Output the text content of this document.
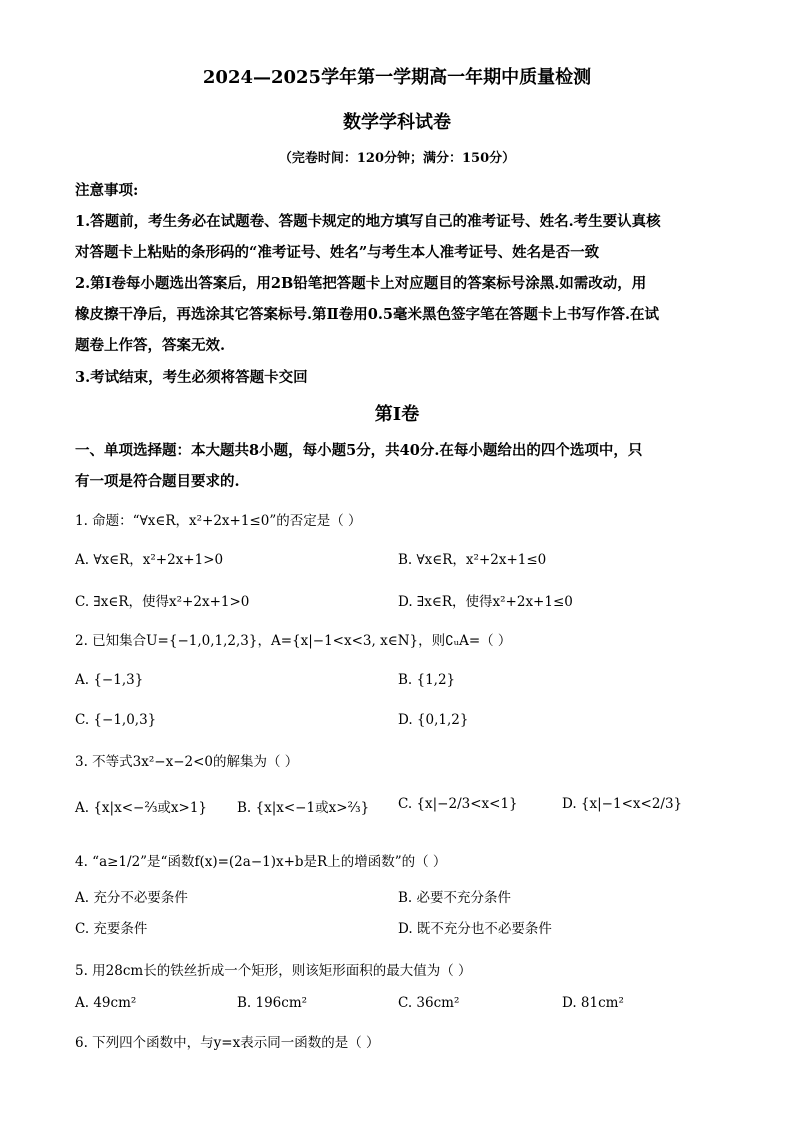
2024—2025学年第一学期高一年期中质量检测
数学学科试卷
（完卷时间：120分钟；满分：150分）
注意事项:
1.答题前，考生务必在试题卷、答题卡规定的地方填写自己的准考证号、姓名.考生要认真核
对答题卡上粘贴的条形码的“准考证号、姓名”与考生本人准考证号、姓名是否一致
2.第Ⅰ卷每小题选出答案后，用2B铅笔把答题卡上对应题目的答案标号涂黑.如需改动，用
橡皮擦干净后，再选涂其它答案标号.第Ⅱ卷用0.5毫米黑色签字笔在答题卡上书写作答.在试
题卷上作答，答案无效.
3.考试结束，考生必须将答题卡交回
第Ⅰ卷
一、单项选择题：本大题共8小题，每小题5分，共40分.在每小题给出的四个选项中，只
有一项是符合题目要求的.
1. 命题：“∀x∈R，x²+2x+1≤0”的否定是（ ）
A. ∀x∈R，x²+2x+1>0	B. ∀x∈R，x²+2x+1≤0
C. ∃x∈R，使得x²+2x+1>0	D. ∃x∈R，使得x²+2x+1≤0
2. 已知集合U={−1,0,1,2,3}，A={x|−1<x<3, x∈N}，则∁ᵤA=（ ）
A. {−1,3}	B. {1,2}
C. {−1,0,3}	D. {0,1,2}
3. 不等式3x²−x−2<0的解集为（ ）
A. {x|x<−⅔或x>1} B. {x|x<−1或x>⅔} C. {x|−2/3<x<1}	D. {x|−1<x<2/3}
4. “a≥1/2”是“函数f(x)=(2a−1)x+b是R上的增函数”的（ ）
A. 充分不必要条件	B. 必要不充分条件
C. 充要条件	D. 既不充分也不必要条件
5. 用28cm长的铁丝折成一个矩形，则该矩形面积的最大值为（ ）
A. 49cm²	B. 196cm²	C. 36cm²	D. 81cm²
6. 下列四个函数中，与y=x表示同一函数的是（ ）
